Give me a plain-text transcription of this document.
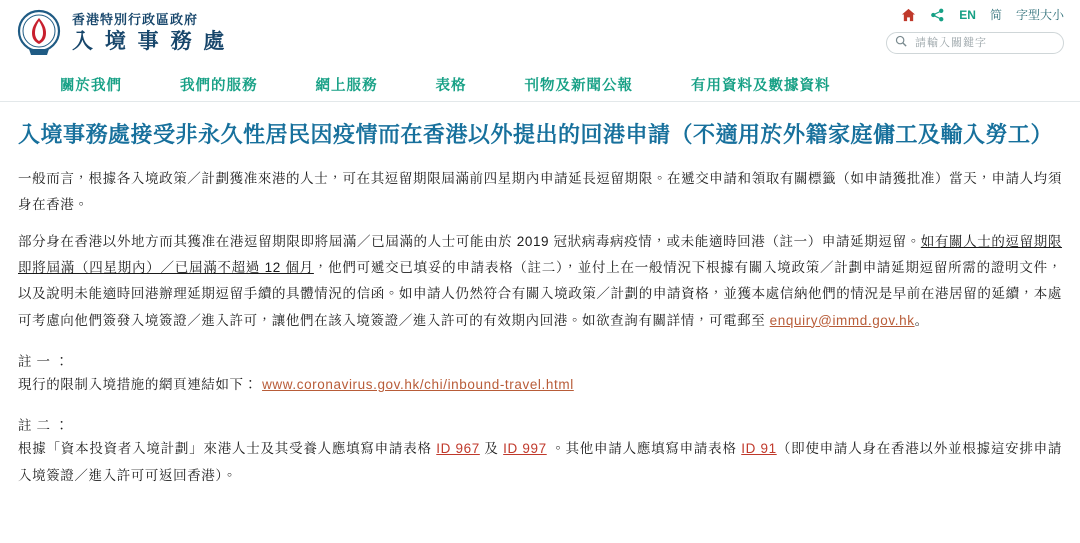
香港特別行政區政府
入 境 事 務 處
EN 简 字型大小
請輸入關鍵字
關於我們	我們的服務	網上服務	表格	刊物及新聞公報	有用資料及數據資料
入境事務處接受非永久性居民因疫情而在香港以外提出的回港申請（不適用於外籍家庭傭工及輸入勞工）

一般而言，根據各入境政策／計劃獲准來港的人士，可在其逗留期限屆滿前四星期內申請延長逗留期限。在遞交申請和領取有關標籤（如申請獲批准）當天，申請人均須身在香港。

部分身在香港以外地方而其獲准在港逗留期限即將屆滿／已屆滿的人士可能由於 2019 冠狀病毒病疫情，或未能適時回港（註一）申請延期逗留。如有關人士的逗留期限即將屆滿（四星期內）／已屆滿不超過 12 個月，他們可遞交已填妥的申請表格（註二），並付上在一般情況下根據有關入境政策／計劃申請延期逗留所需的證明文件，以及說明未能適時回港辦理延期逗留手續的具體情況的信函。如申請人仍然符合有關入境政策／計劃的申請資格，並獲本處信納他們的情況是早前在港居留的延續，本處可考慮向他們簽發入境簽證／進入許可，讓他們在該入境簽證／進入許可的有效期內回港。如欲查詢有關詳情，可電郵至 enquiry@immd.gov.hk。

註 一 ：

現行的限制入境措施的網頁連結如下： www.coronavirus.gov.hk/chi/inbound-travel.html

註 二 ：

根據「資本投資者入境計劃」來港人士及其受養人應填寫申請表格 ID 967 及 ID 997 。其他申請人應填寫申請表格 ID 91（即使申請人身在香港以外並根據這安排申請入境簽證／進入許可可返回香港）。
